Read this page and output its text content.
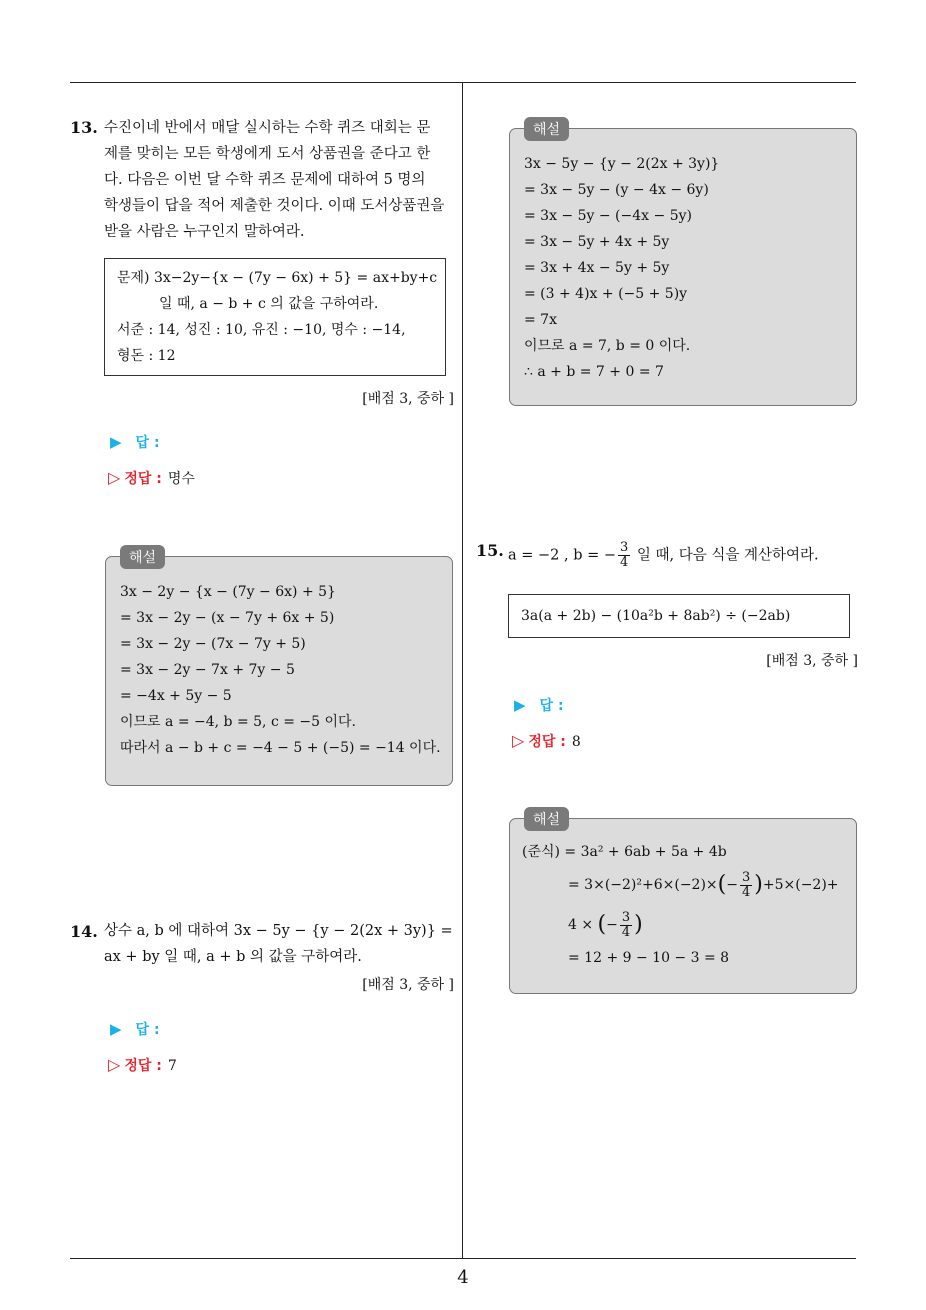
4
13. 수진이네 반에서 매달 실시하는 수학 퀴즈 대회는 문
제를 맞히는 모든 학생에게 도서 상품권을 준다고 한
다. 다음은 이번 달 수학 퀴즈 문제에 대하여 5 명의
학생들이 답을 적어 제출한 것이다. 이때 도서상품권을
받을 사람은 누구인지 말하여라.
문제) 3x−2y−{x − (7y − 6x) + 5} = ax+by+c
일 때, a − b + c 의 값을 구하여라.
서준 : 14, 성진 : 10, 유진 : −10, 명수 : −14,
형돈 : 12
[배점 3, 중하 ]
▶ 답 :
▷ 정답 : 명수
해설
3x − 2y − {x − (7y − 6x) + 5}
= 3x − 2y − (x − 7y + 6x + 5)
= 3x − 2y − (7x − 7y + 5)
= 3x − 2y − 7x + 7y − 5
= −4x + 5y − 5
이므로 a = −4, b = 5, c = −5 이다.
따라서 a − b + c = −4 − 5 + (−5) = −14 이다.
14. 상수 a, b 에 대하여 3x − 5y − {y − 2(2x + 3y)} =
ax + by 일 때, a + b 의 값을 구하여라.
[배점 3, 중하 ]
▶ 답 :
▷ 정답 : 7
해설
3x − 5y − {y − 2(2x + 3y)}
= 3x − 5y − (y − 4x − 6y)
= 3x − 5y − (−4x − 5y)
= 3x − 5y + 4x + 5y
= 3x + 4x − 5y + 5y
= (3 + 4)x + (−5 + 5)y
= 7x
이므로 a = 7, b = 0 이다.
∴ a + b = 7 + 0 = 7
15. a = −2 , b = − $\frac{3}{4}$ 일 때, 다음 식을 계산하여라.
3a(a + 2b) − (10a²b + 8ab²) ÷ (−2ab)
[배점 3, 중하 ]
▶ 답 :
▷ 정답 : 8
해설
(준식) = 3a² + 6ab + 5a + 4b
= $3\times(-2)^2+6\times(-2)\times(- \frac{3}{4} )+5\times(-2)+$
4 × (− $\frac{3}{4}$ )
= 12 + 9 − 10 − 3 = 8
